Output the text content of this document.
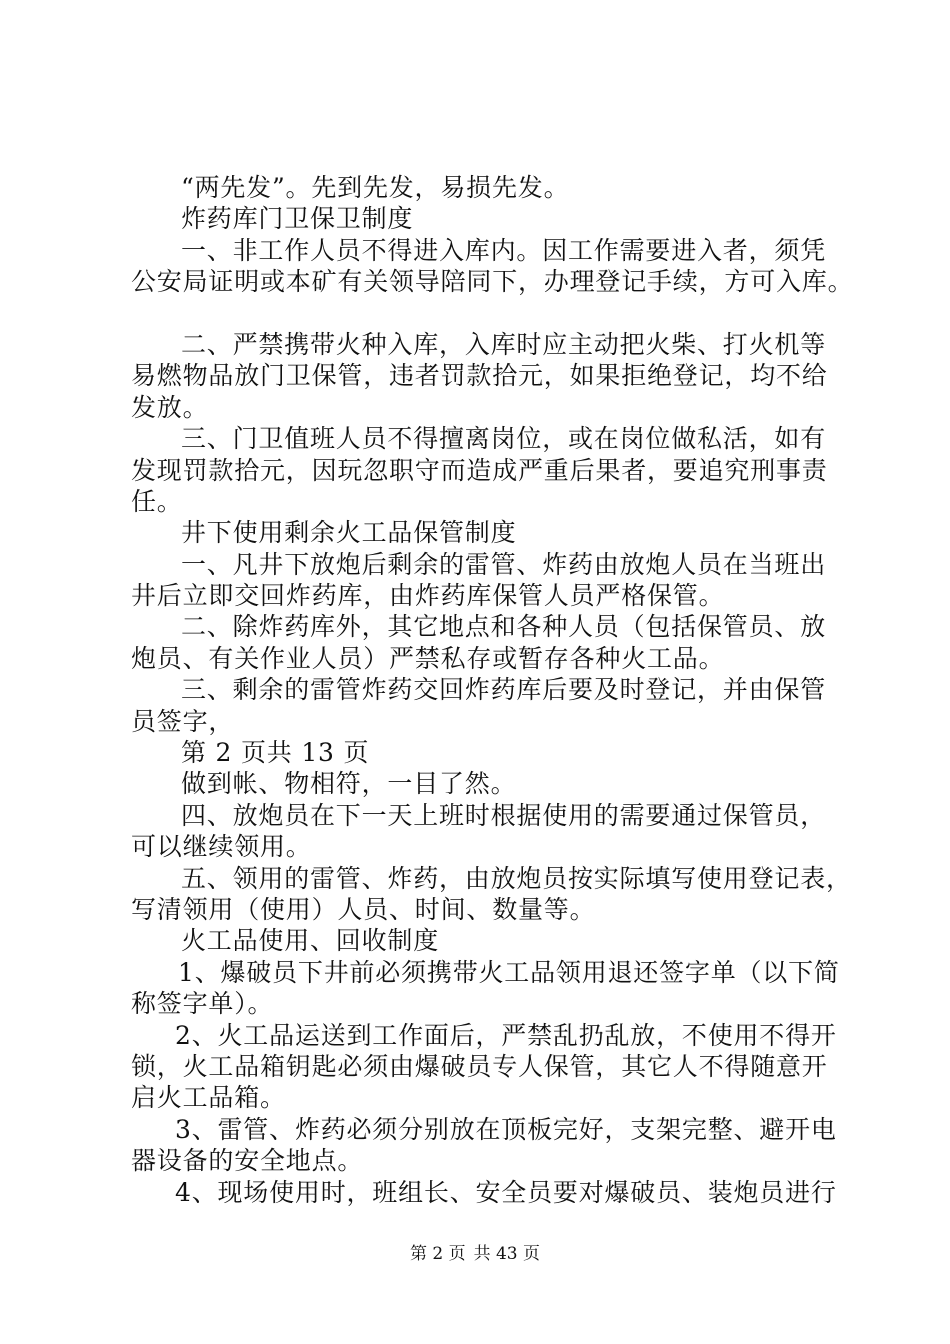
“两先发”。先到先发，易损先发。
炸药库门卫保卫制度
一、非工作人员不得进入库内。因工作需要进入者，须凭
公安局证明或本矿有关领导陪同下，办理登记手续，方可入库。
二、严禁携带火种入库，入库时应主动把火柴、打火机等
易燃物品放门卫保管，违者罚款拾元，如果拒绝登记，均不给
发放。
三、门卫值班人员不得擅离岗位，或在岗位做私活，如有
发现罚款拾元，因玩忽职守而造成严重后果者，要追究刑事责
任。
井下使用剩余火工品保管制度
一、凡井下放炮后剩余的雷管、炸药由放炮人员在当班出
井后立即交回炸药库，由炸药库保管人员严格保管。
二、除炸药库外，其它地点和各种人员（包括保管员、放
炮员、有关作业人员）严禁私存或暂存各种火工品。
三、剩余的雷管炸药交回炸药库后要及时登记，并由保管
员签字，
第 2 页共 13 页
做到帐、物相符，一目了然。
四、放炮员在下一天上班时根据使用的需要通过保管员，
可以继续领用。
五、领用的雷管、炸药，由放炮员按实际填写使用登记表，
写清领用（使用）人员、时间、数量等。
火工品使用、回收制度
1、爆破员下井前必须携带火工品领用退还签字单（以下简
称签字单）。
2、火工品运送到工作面后，严禁乱扔乱放，不使用不得开
锁，火工品箱钥匙必须由爆破员专人保管，其它人不得随意开
启火工品箱。
3、雷管、炸药必须分别放在顶板完好，支架完整、避开电
器设备的安全地点。
4、现场使用时，班组长、安全员要对爆破员、装炮员进行
第 2 页 共 43 页
